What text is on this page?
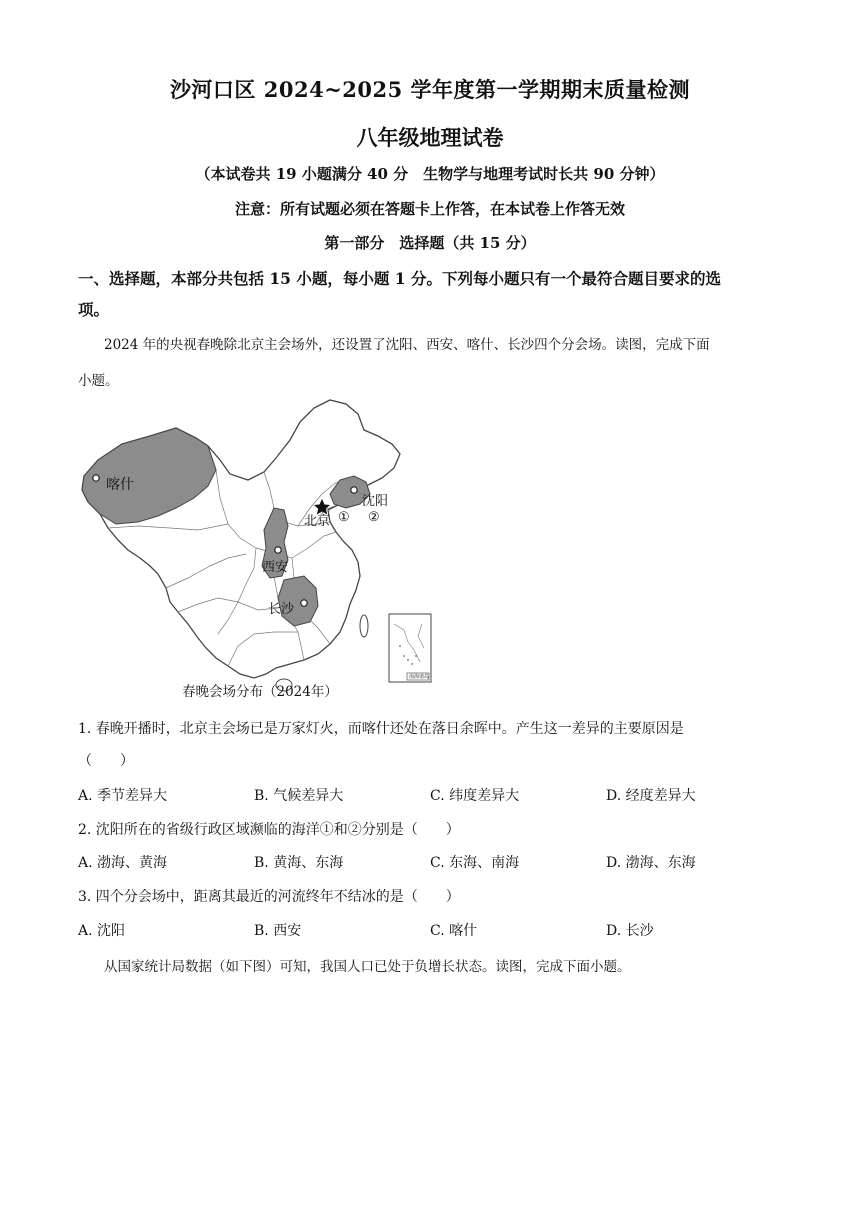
沙河口区 2024~2025 学年度第一学期期末质量检测
八年级地理试卷
（本试卷共 19 小题满分 40 分　生物学与地理考试时长共 90 分钟）
注意：所有试题必须在答题卡上作答，在本试卷上作答无效
第一部分　选择题（共 15 分）
一、选择题，本部分共包括 15 小题，每小题 1 分。下列每小题只有一个最符合题目要求的选
项。
2024 年的央视春晚除北京主会场外，还设置了沈阳、西安、喀什、长沙四个分会场。读图，完成下面
小题。
喀什
北京
沈阳
① ②
西安
长沙
南海诸岛
春晚会场分布（2024年）
1. 春晚开播时，北京主会场已是万家灯火，而喀什还处在落日余晖中。产生这一差异的主要原因是
（　　）
A. 季节差异大	B. 气候差异大	C. 纬度差异大	D. 经度差异大
2. 沈阳所在的省级行政区域濒临的海洋①和②分别是（　　）
A. 渤海、黄海	B. 黄海、东海	C. 东海、南海	D. 渤海、东海
3. 四个分会场中，距离其最近的河流终年不结冰的是（　　）
A. 沈阳	B. 西安	C. 喀什	D. 长沙
从国家统计局数据（如下图）可知，我国人口已处于负增长状态。读图，完成下面小题。
